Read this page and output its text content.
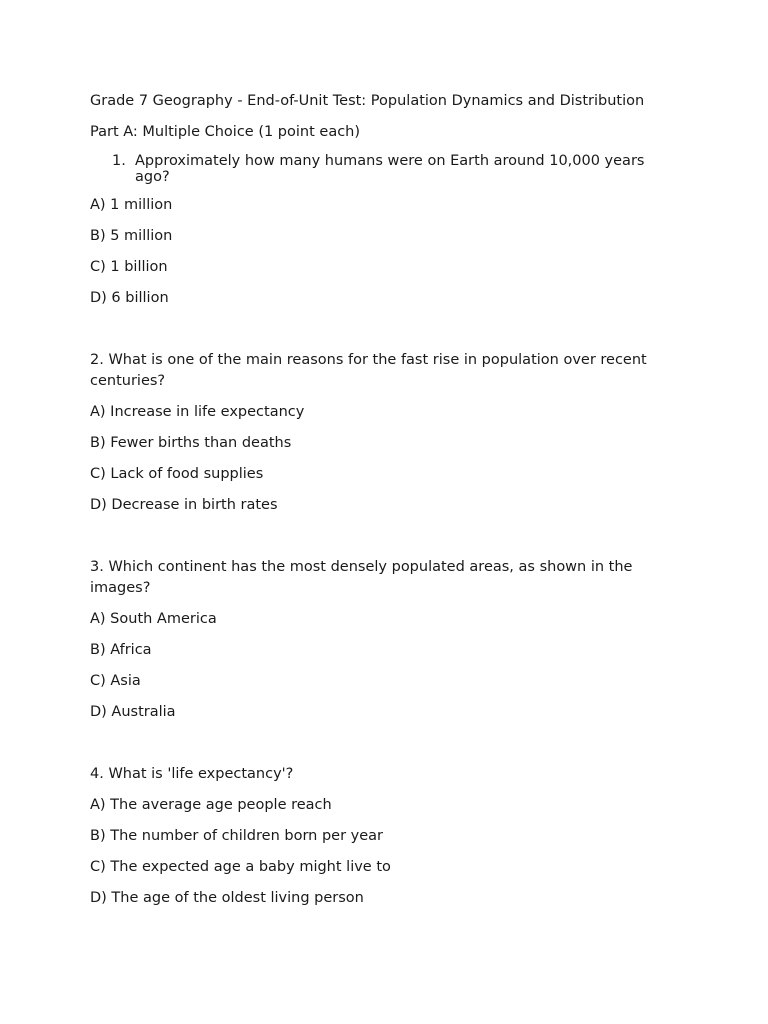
Grade 7 Geography - End-of-Unit Test: Population Dynamics and Distribution

Part A: Multiple Choice (1 point each)

1. Approximately how many humans were on Earth around 10,000 years ago?

A) 1 million

B) 5 million

C) 1 billion

D) 6 billion

2. What is one of the main reasons for the fast rise in population over recent centuries?

A) Increase in life expectancy

B) Fewer births than deaths

C) Lack of food supplies

D) Decrease in birth rates

3. Which continent has the most densely populated areas, as shown in the images?

A) South America

B) Africa

C) Asia

D) Australia

4. What is 'life expectancy'?

A) The average age people reach

B) The number of children born per year

C) The expected age a baby might live to

D) The age of the oldest living person
